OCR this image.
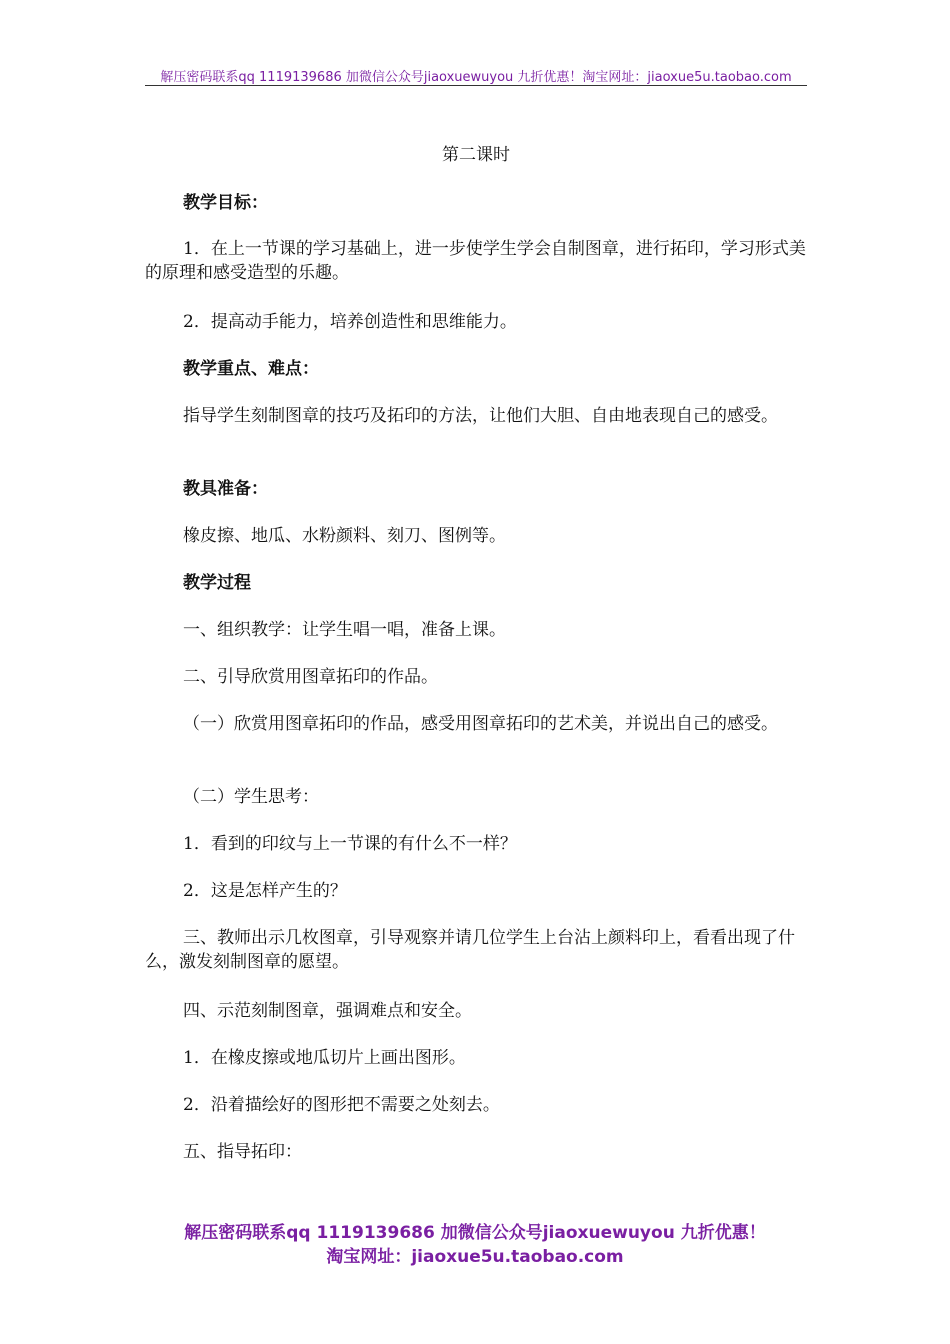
解压密码联系qq 1119139686 加微信公众号jiaoxuewuyou 九折优惠！淘宝网址：jiaoxue5u.taobao.com

第二课时

教学目标：

1．在上一节课的学习基础上，进一步使学生学会自制图章，进行拓印，学习形式美的原理和感受造型的乐趣。

2．提高动手能力，培养创造性和思维能力。

教学重点、难点：

指导学生刻制图章的技巧及拓印的方法，让他们大胆、自由地表现自己的感受。

教具准备：

橡皮擦、地瓜、水粉颜料、刻刀、图例等。

教学过程

一、组织教学：让学生唱一唱，准备上课。

二、引导欣赏用图章拓印的作品。

（一）欣赏用图章拓印的作品，感受用图章拓印的艺术美，并说出自己的感受。

（二）学生思考：

1．看到的印纹与上一节课的有什么不一样？

2．这是怎样产生的？

三、教师出示几枚图章，引导观察并请几位学生上台沾上颜料印上，看看出现了什么，激发刻制图章的愿望。

四、示范刻制图章，强调难点和安全。

1．在橡皮擦或地瓜切片上画出图形。

2．沿着描绘好的图形把不需要之处刻去。

五、指导拓印：

解压密码联系qq 1119139686 加微信公众号jiaoxuewuyou 九折优惠！
淘宝网址：jiaoxue5u.taobao.com
